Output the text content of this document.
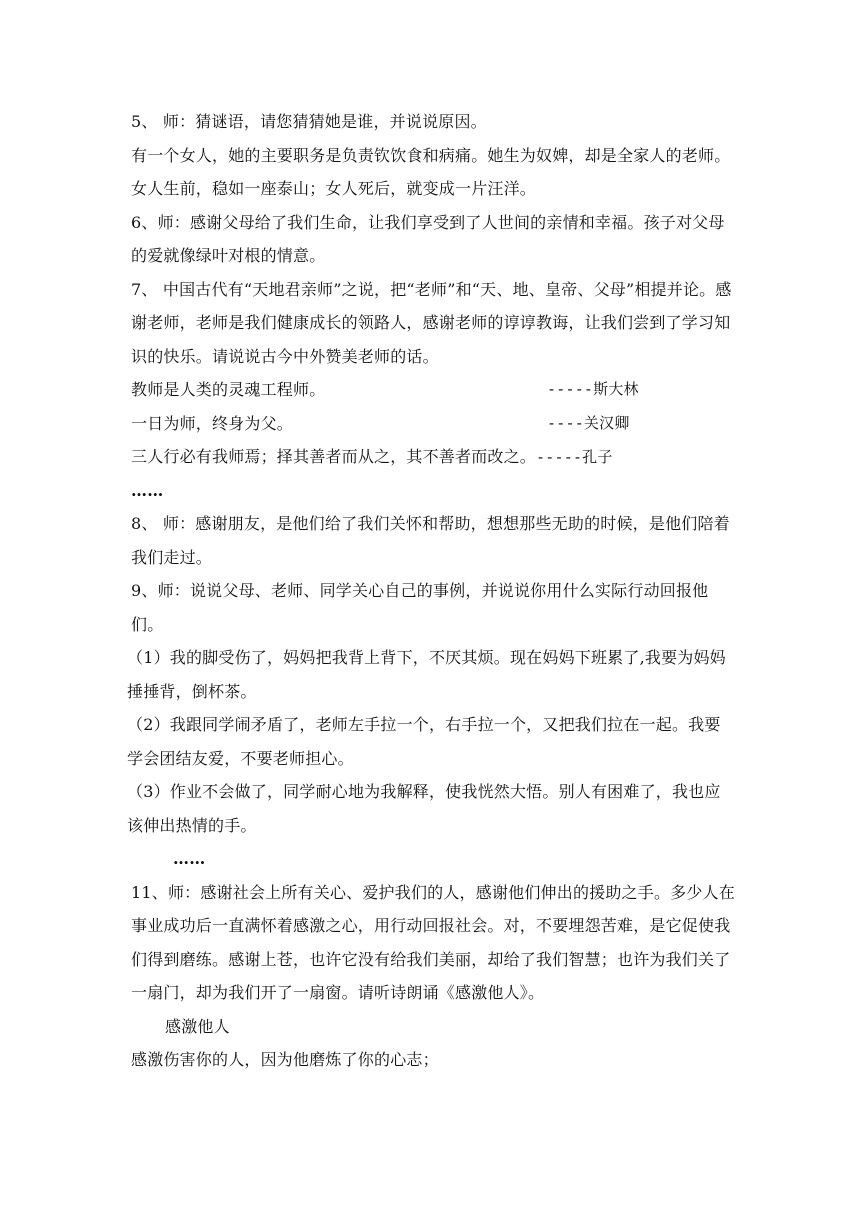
5、 师：猜谜语，请您猜猜她是谁，并说说原因。
有一个女人，她的主要职务是负责钦饮食和病痛。她生为奴婢，却是全家人的老师。女人生前，稳如一座泰山；女人死后，就变成一片汪洋。
6、师：感谢父母给了我们生命，让我们享受到了人世间的亲情和幸福。孩子对父母的爱就像绿叶对根的情意。
7、 中国古代有“天地君亲师”之说，把“老师”和“天、地、皇帝、父母”相提并论。感谢老师，老师是我们健康成长的领路人，感谢老师的谆谆教诲，让我们尝到了学习知识的快乐。请说说古今中外赞美老师的话。
教师是人类的灵魂工程师。	-----斯大林
一日为师，终身为父。	----关汉卿
三人行必有我师焉；择其善者而从之，其不善者而改之。-----孔子
……
8、 师：感谢朋友，是他们给了我们关怀和帮助，想想那些无助的时候，是他们陪着我们走过。
9、师：说说父母、老师、同学关心自己的事例，并说说你用什么实际行动回报他们。
（1）我的脚受伤了，妈妈把我背上背下，不厌其烦。现在妈妈下班累了,我要为妈妈捶捶背，倒杯茶。
（2）我跟同学闹矛盾了，老师左手拉一个，右手拉一个，又把我们拉在一起。我要学会团结友爱，不要老师担心。
（3）作业不会做了，同学耐心地为我解释，使我恍然大悟。别人有困难了，我也应该伸出热情的手。
……
11、师：感谢社会上所有关心、爱护我们的人，感谢他们伸出的援助之手。多少人在事业成功后一直满怀着感激之心，用行动回报社会。对，不要埋怨苦难，是它促使我们得到磨练。感谢上苍，也许它没有给我们美丽，却给了我们智慧；也许为我们关了一扇门，却为我们开了一扇窗。请听诗朗诵《感激他人》。
感激他人
感激伤害你的人，因为他磨炼了你的心志；
